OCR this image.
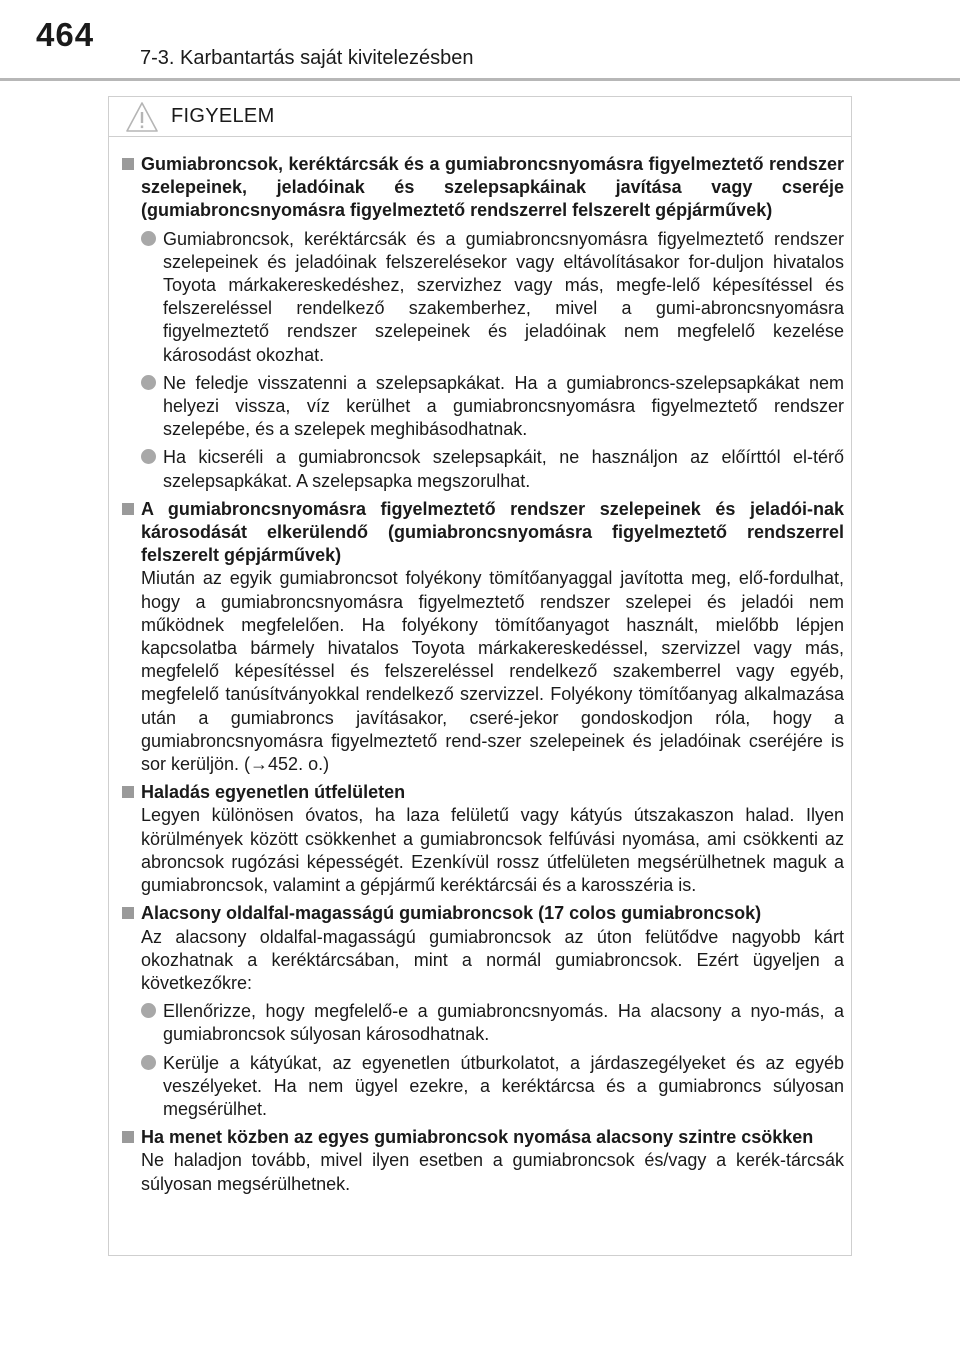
464
7-3. Karbantartás saját kivitelezésben
FIGYELEM
Gumiabroncsok, keréktárcsák és a gumiabroncsnyomásra figyelmeztető rendszer szelepeinek, jeladóinak és szelepsapkáinak javítása vagy cseréje (gumiabroncsnyomásra figyelmeztető rendszerrel felszerelt gépjárművek)
Gumiabroncsok, keréktárcsák és a gumiabroncsnyomásra figyelmeztető rendszer szelepeinek és jeladóinak felszerelésekor vagy eltávolításakor for-duljon hivatalos Toyota márkakereskedéshez, szervizhez vagy más, megfe-lelő képesítéssel és felszereléssel rendelkező szakemberhez, mivel a gumi-abroncsnyomásra figyelmeztető rendszer szelepeinek és jeladóinak nem megfelelő kezelése károsodást okozhat.
Ne feledje visszatenni a szelepsapkákat. Ha a gumiabroncs-szelepsapkákat nem helyezi vissza, víz kerülhet a gumiabroncsnyomásra figyelmeztető rendszer szelepébe, és a szelepek meghibásodhatnak.
Ha kicseréli a gumiabroncsok szelepsapkáit, ne használjon az előírttól el-térő szelepsapkákat. A szelepsapka megszorulhat.
A gumiabroncsnyomásra figyelmeztető rendszer szelepeinek és jeladói-nak károsodását elkerülendő (gumiabroncsnyomásra figyelmeztető rendszerrel felszerelt gépjárművek)
Miután az egyik gumiabroncsot folyékony tömítőanyaggal javította meg, elő-fordulhat, hogy a gumiabroncsnyomásra figyelmeztető rendszer szelepei és jeladói nem működnek megfelelően. Ha folyékony tömítőanyagot használt, mielőbb lépjen kapcsolatba bármely hivatalos Toyota márkakereskedéssel, szervizzel vagy más, megfelelő képesítéssel és felszereléssel rendelkező szakemberrel vagy egyéb, megfelelő tanúsítványokkal rendelkező szervizzel. Folyékony tömítőanyag alkalmazása után a gumiabroncs javításakor, cseré-jekor gondoskodjon róla, hogy a gumiabroncsnyomásra figyelmeztető rend-szer szelepeinek és jeladóinak cseréjére is sor kerüljön. (→452. o.)
Haladás egyenetlen útfelületen
Legyen különösen óvatos, ha laza felületű vagy kátyús útszakaszon halad. Ilyen körülmények között csökkenhet a gumiabroncsok felfúvási nyomása, ami csökkenti az abroncsok rugózási képességét. Ezenkívül rossz útfelületen megsérülhetnek maguk a gumiabroncsok, valamint a gépjármű keréktárcsái és a karosszéria is.
Alacsony oldalfal-magasságú gumiabroncsok (17 colos gumiabroncsok)
Az alacsony oldalfal-magasságú gumiabroncsok az úton felütődve nagyobb kárt okozhatnak a keréktárcsában, mint a normál gumiabroncsok. Ezért ügyeljen a következőkre:
Ellenőrizze, hogy megfelelő-e a gumiabroncsnyomás. Ha alacsony a nyo-más, a gumiabroncsok súlyosan károsodhatnak.
Kerülje a kátyúkat, az egyenetlen útburkolatot, a járdaszegélyeket és az egyéb veszélyeket. Ha nem ügyel ezekre, a keréktárcsa és a gumiabroncs súlyosan megsérülhet.
Ha menet közben az egyes gumiabroncsok nyomása alacsony szintre csökken
Ne haladjon tovább, mivel ilyen esetben a gumiabroncsok és/vagy a kerék-tárcsák súlyosan megsérülhetnek.
